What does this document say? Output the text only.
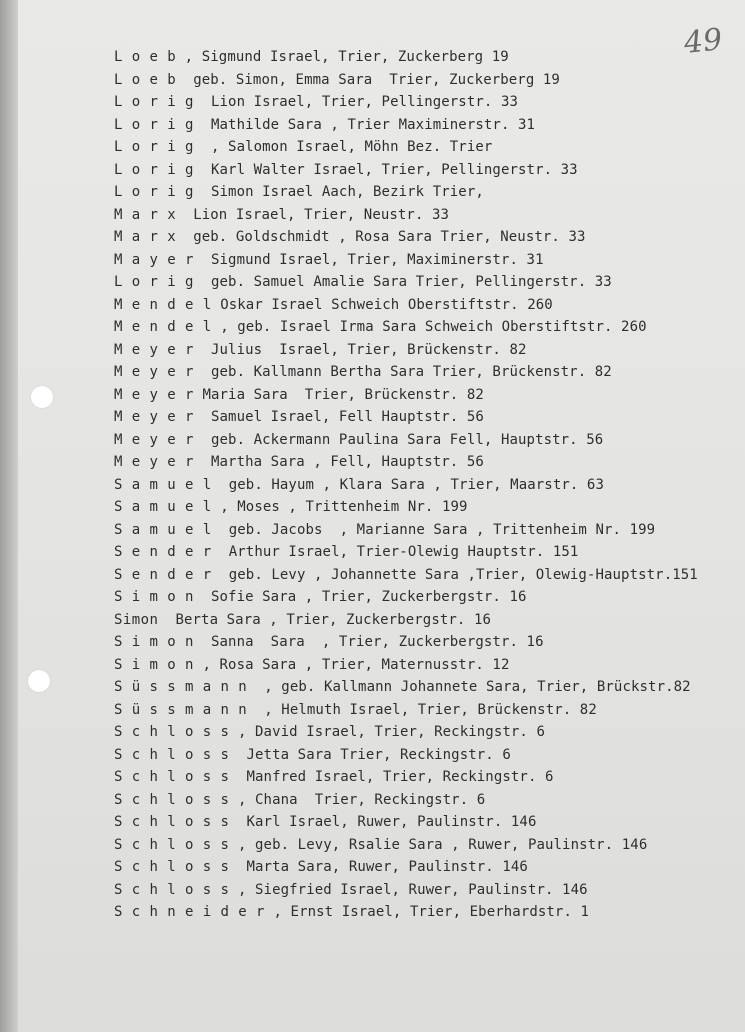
49
L o e b , Sigmund Israel, Trier, Zuckerberg 19
L o e b  geb. Simon, Emma Sara  Trier, Zuckerberg 19
L o r i g  Lion Israel, Trier, Pellingerstr. 33
L o r i g  Mathilde Sara , Trier Maximinerstr. 31
L o r i g  , Salomon Israel, Möhn Bez. Trier
L o r i g  Karl Walter Israel, Trier, Pellingerstr. 33
L o r i g  Simon Israel Aach, Bezirk Trier,
M a r x  Lion Israel, Trier, Neustr. 33
M a r x  geb. Goldschmidt , Rosa Sara Trier, Neustr. 33
M a y e r  Sigmund Israel, Trier, Maximinerstr. 31
L o r i g  geb. Samuel Amalie Sara Trier, Pellingerstr. 33
M e n d e l Oskar Israel Schweich Oberstiftstr. 260
M e n d e l , geb. Israel Irma Sara Schweich Oberstiftstr. 260
M e y e r  Julius  Israel, Trier, Brückenstr. 82
M e y e r  geb. Kallmann Bertha Sara Trier, Brückenstr. 82
M e y e r Maria Sara  Trier, Brückenstr. 82
M e y e r  Samuel Israel, Fell Hauptstr. 56
M e y e r  geb. Ackermann Paulina Sara Fell, Hauptstr. 56
M e y e r  Martha Sara , Fell, Hauptstr. 56
S a m u e l  geb. Hayum , Klara Sara , Trier, Maarstr. 63
S a m u e l , Moses , Trittenheim Nr. 199
S a m u e l  geb. Jacobs  , Marianne Sara , Trittenheim Nr. 199
S e n d e r  Arthur Israel, Trier-Olewig Hauptstr. 151
S e n d e r  geb. Levy , Johannette Sara ,Trier, Olewig-Hauptstr.151
S i m o n  Sofie Sara , Trier, Zuckerbergstr. 16
Simon  Berta Sara , Trier, Zuckerbergstr. 16
S i m o n  Sanna  Sara  , Trier, Zuckerbergstr. 16
S i m o n , Rosa Sara , Trier, Maternusstr. 12
S ü s s m a n n  , geb. Kallmann Johannete Sara, Trier, Brückstr.82
S ü s s m a n n  , Helmuth Israel, Trier, Brückenstr. 82
S c h l o s s , David Israel, Trier, Reckingstr. 6
S c h l o s s  Jetta Sara Trier, Reckingstr. 6
S c h l o s s  Manfred Israel, Trier, Reckingstr. 6
S c h l o s s , Chana  Trier, Reckingstr. 6
S c h l o s s  Karl Israel, Ruwer, Paulinstr. 146
S c h l o s s , geb. Levy, Rsalie Sara , Ruwer, Paulinstr. 146
S c h l o s s  Marta Sara, Ruwer, Paulinstr. 146
S c h l o s s , Siegfried Israel, Ruwer, Paulinstr. 146
S c h n e i d e r , Ernst Israel, Trier, Eberhardstr. 1
